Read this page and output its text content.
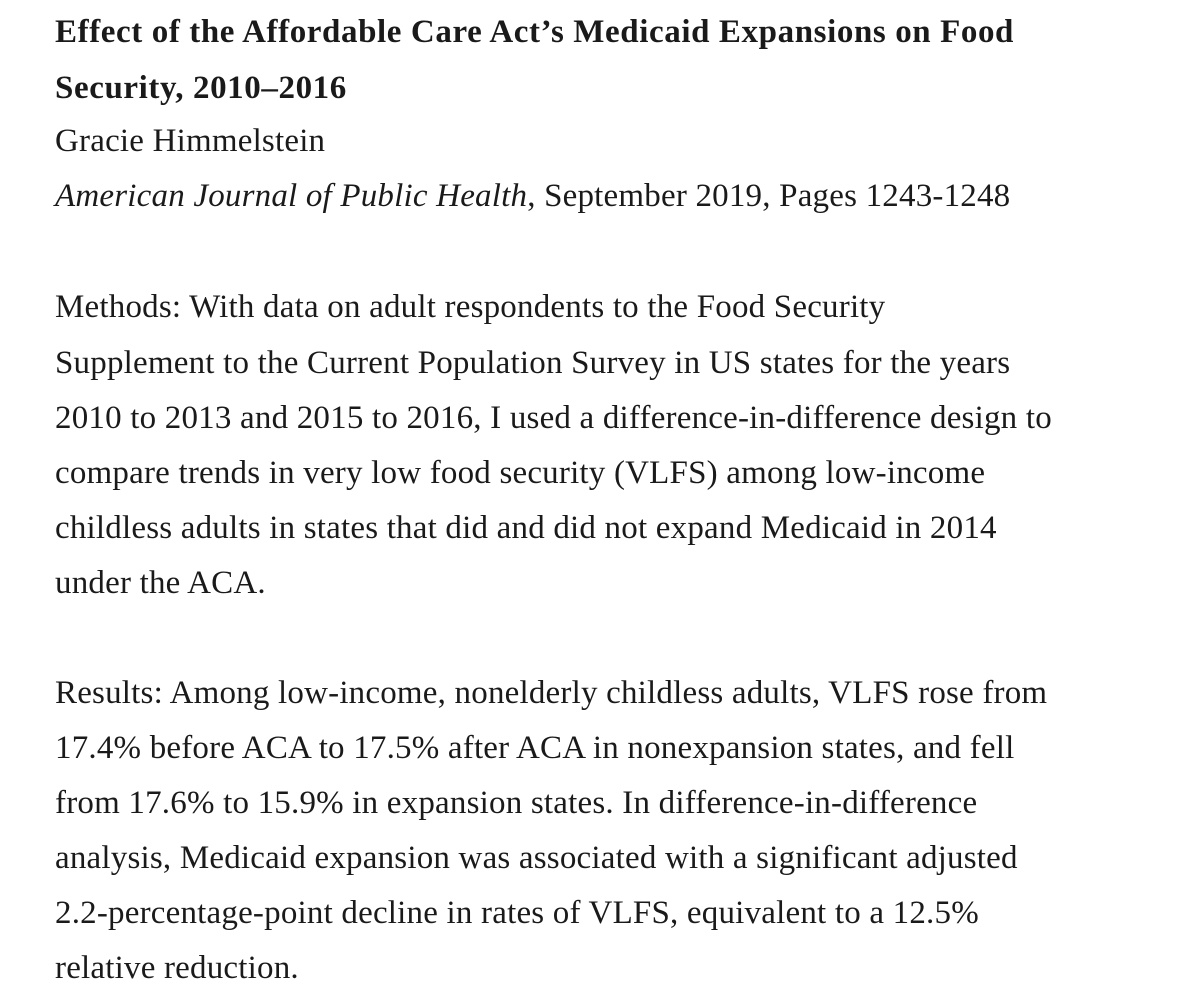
Effect of the Affordable Care Act’s Medicaid Expansions on Food
Security, 2010–2016
Gracie Himmelstein
American Journal of Public Health, September 2019, Pages 1243-1248
Methods: With data on adult respondents to the Food Security
Supplement to the Current Population Survey in US states for the years
2010 to 2013 and 2015 to 2016, I used a difference-in-difference design to
compare trends in very low food security (VLFS) among low-income
childless adults in states that did and did not expand Medicaid in 2014
under the ACA.
Results: Among low-income, nonelderly childless adults, VLFS rose from
17.4% before ACA to 17.5% after ACA in nonexpansion states, and fell
from 17.6% to 15.9% in expansion states. In difference-in-difference
analysis, Medicaid expansion was associated with a significant adjusted
2.2-percentage-point decline in rates of VLFS, equivalent to a 12.5%
relative reduction.
